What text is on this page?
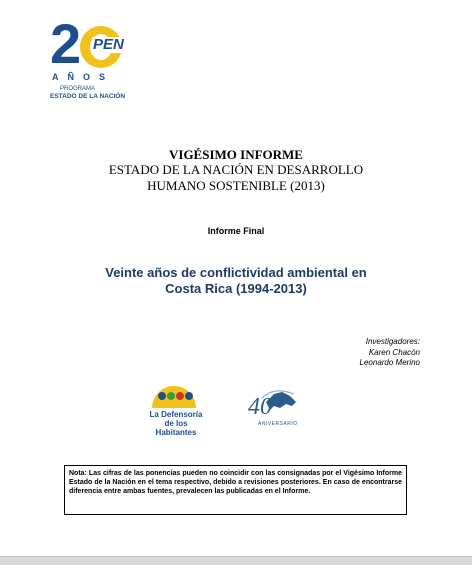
2 PEN
AÑOS
PROGRAMA
ESTADO DE LA NACIÓN
VIGÉSIMO INFORME
ESTADO DE LA NACIÓN EN DESARROLLO
HUMANO SOSTENIBLE (2013)
Informe Final
Veinte años de conflictividad ambiental en
Costa Rica (1994-2013)
Investigadores:
Karen Chacón
Leonardo Merino
La Defensoría
de los Habitantes
40
ANIVERSARIO
Nota: Las cifras de las ponencias pueden no coincidir con las consignadas por el Vigésimo Informe Estado de la Nación en el tema respectivo, debido a revisiones posteriores. En caso de encontrarse diferencia entre ambas fuentes, prevalecen las publicadas en el Informe.
